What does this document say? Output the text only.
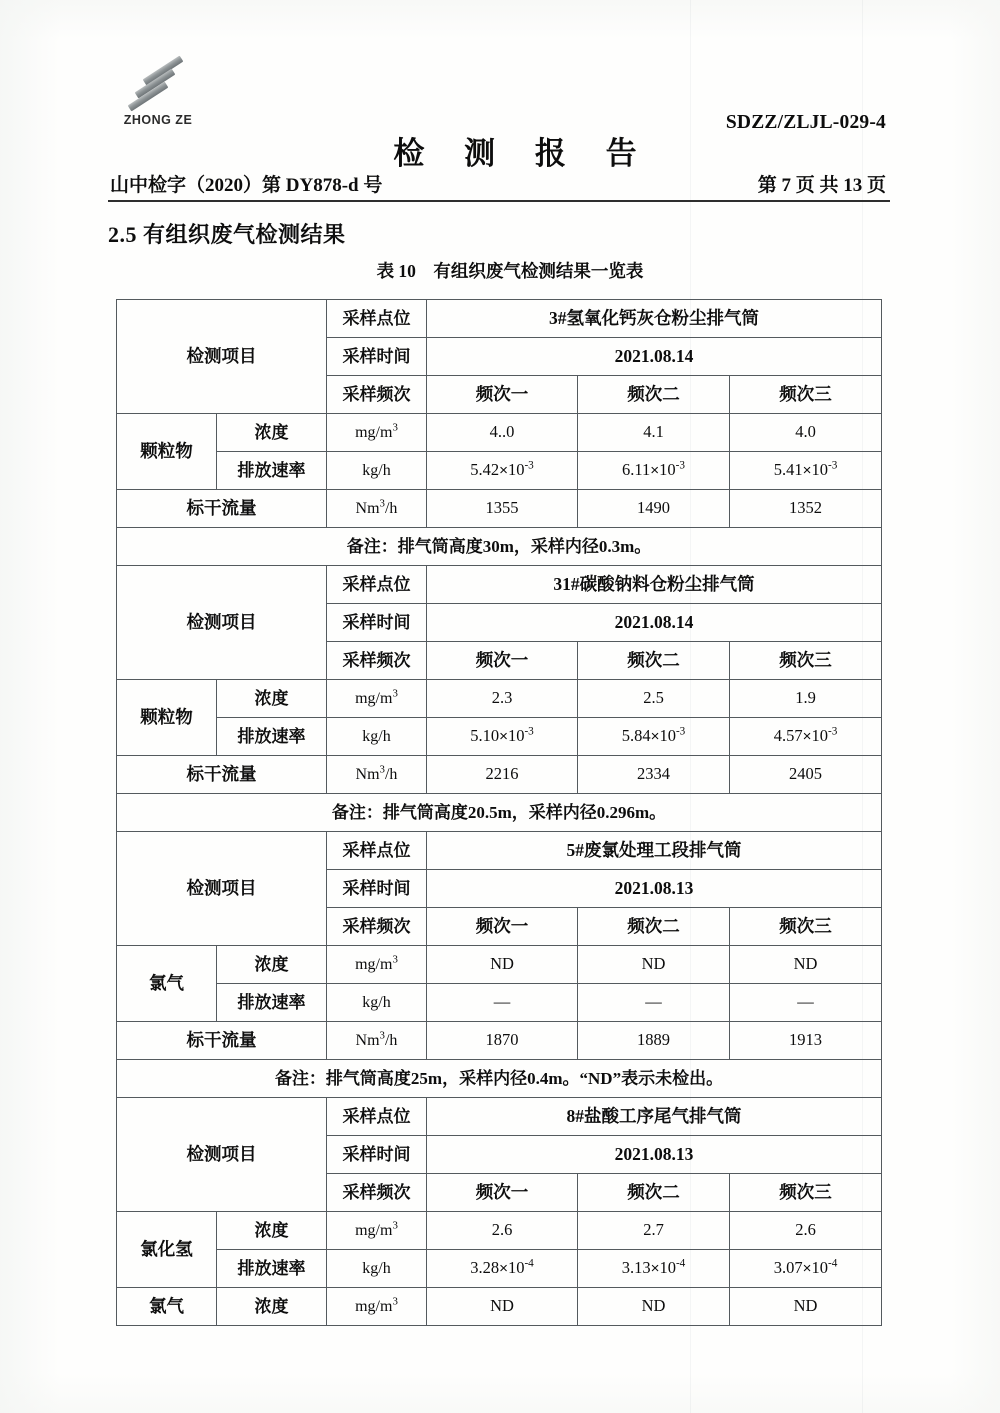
ZHONG ZE	SDZZ/ZLJL-029-4
检 测 报 告
山中检字（2020）第 DY878-d 号	第 7 页 共 13 页
2.5 有组织废气检测结果
表 10　有组织废气检测结果一览表
检测项目		采样点位	3#氢氧化钙灰仓粉尘排气筒		
		采样时间	2021.08.14		
		采样频次	频次一	频次二	频次三
颗粒物	浓度	$mg/m^3$	4..0	4.1	4.0
	排放速率	kg/h	$5.42\times 10^{-3}$	$6.11\times 10^{-3}$	$5.41\times 10^{-3}$
标干流量		Nm$^3$/h	1355	1490	1352
备注：排气筒高度30m，采样内径0.3m。					
检测项目		采样点位	31#碳酸钠料仓粉尘排气筒		
		采样时间	2021.08.14		
		采样频次	频次一	频次二	频次三
颗粒物	浓度	$mg/m^3$	2.3	2.5	1.9
	排放速率	kg/h	$5.10\times 10^{-3}$	$5.84\times 10^{-3}$	$4.57\times 10^{-3}$
标干流量		Nm$^3$/h	2216	2334	2405
备注：排气筒高度20.5m，采样内径0.296m。					
检测项目		采样点位	5#废氯处理工段排气筒		
		采样时间	2021.08.13		
		采样频次	频次一	频次二	频次三
氯气	浓度	$mg/m^3$	ND	ND	ND
	排放速率	kg/h	—	—	—
标干流量		Nm$^3$/h	1870	1889	1913
备注：排气筒高度25m，采样内径0.4m。“ND”表示未检出。					
检测项目		采样点位	8#盐酸工序尾气排气筒		
		采样时间	2021.08.13		
		采样频次	频次一	频次二	频次三
氯化氢	浓度	$mg/m^3$	2.6	2.7	2.6
	排放速率	kg/h	$3.28\times 10^{-4}$	$3.13\times 10^{-4}$	$3.07\times 10^{-4}$
氯气	浓度	$mg/m^3$	ND	ND	ND
